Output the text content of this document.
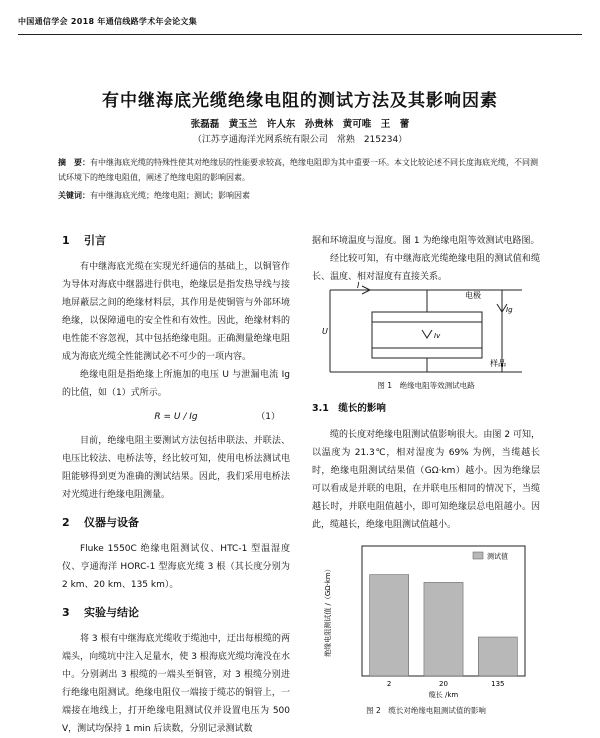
中国通信学会 2018 年通信线路学术年会论文集
有中继海底光缆绝缘电阻的测试方法及其影响因素
张磊磊　黄玉兰　许人东　孙贵林　黄可唯　王　蕾
（江苏亨通海洋光网系统有限公司　常熟　215234）
摘　要：有中继海底光缆的特殊性使其对绝缘层的性能要求较高，绝缘电阻即为其中重要一环。本文比较论述不同长度海底光缆，不同测试环境下的绝缘电阻值，阐述了绝缘电阻的影响因素。
关键词：有中继海底光缆；绝缘电阻；测试；影响因素
1 引言

有中继海底光缆在实现光纤通信的基础上，以铜管作为导体对海底中继器进行供电，绝缘层是指发热导线与接地屏蔽层之间的绝缘材料层，其作用是使铜管与外部环境绝缘，以保障通电的安全性和有效性。因此，绝缘材料的电性能不容忽视，其中包括绝缘电阻。正确测量绝缘电阻成为海底光缆全性能测试必不可少的一项内容。

绝缘电阻是指绝缘上所施加的电压 U 与泄漏电流 Ig 的比值，如（1）式所示。

R = U / Ig	（1）

目前，绝缘电阻主要测试方法包括串联法、并联法、电压比较法、电桥法等，经比较可知，使用电桥法测试电阻能够得到更为准确的测试结果。因此，我们采用电桥法对光缆进行绝缘电阻测量。

2 仪器与设备

Fluke 1550C 绝缘电阻测试仪、HTC-1 型温湿度仪、亨通海洋 HORC-1 型海底光缆 3 根（其长度分别为 2 km、20 km、135 km）。

3 实验与结论

将 3 根有中继海底光缆收于缆池中，迂出每根缆的两端头，向缆坑中注入足量水，使 3 根海底光缆均淹没在水中。分别剥出 3 根缆的一端头至铜管，对 3 根缆分别进行绝缘电阻测试。绝缘电阻仪一端接于缆芯的铜管上，一端接在地线上，打开绝缘电阻测试仪并设置电压为 500 V，测试均保持 1 min 后读数，分别记录测试数

据和环境温度与湿度。图 1 为绝缘电阻等效测试电路图。

经比较可知，有中继海底光缆绝缘电阻的测试值和缆长、温度、相对湿度有直接关系。

I
电极
Ig
Iv
U
样品
图 1　绝缘电阻等效测试电路
3.1　 缆长的影响

缆的长度对绝缘电阻测试值影响很大。由图 2 可知，以温度为 21.3℃，相对湿度为 69% 为例，当缆越长时，绝缘电阻测试结果值（GΩ·km）越小。因为绝缘层可以看成是并联的电阻，在并联电压相同的情况下，当缆越长时，并联电阻值越小，即可知绝缘层总电阻越小。因此，缆越长，绝缘电阻测试值越小。

2	20	135
缆长 /km
绝缘电阻测试值 /（GΩ·km）
测试值
图 2　缆长对绝缘电阻测试值的影响
